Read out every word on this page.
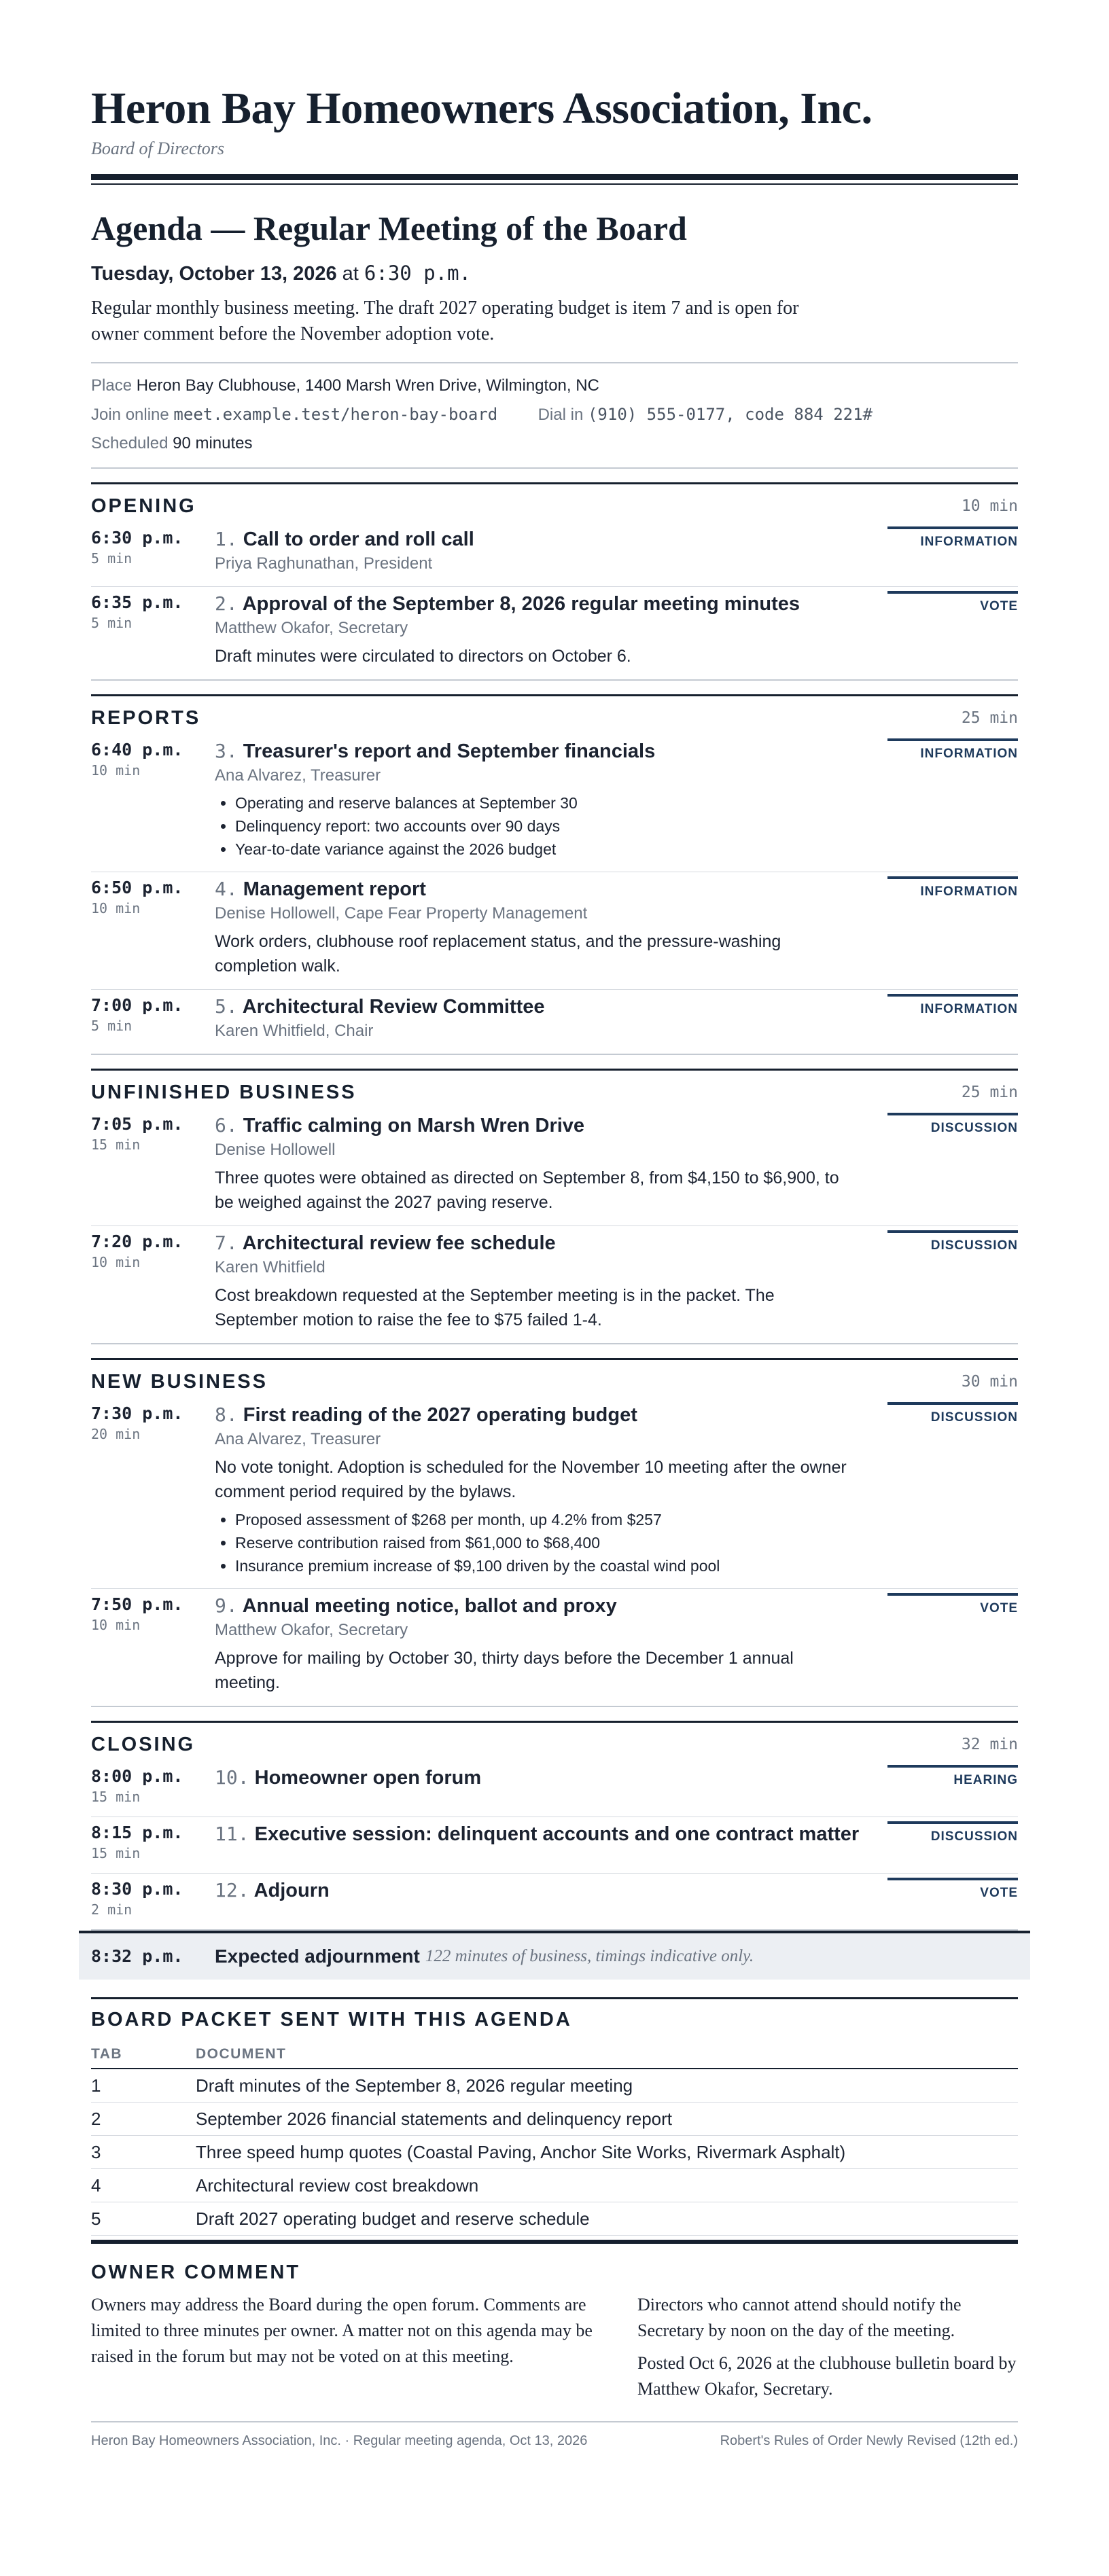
Heron Bay Homeowners Association, Inc.
Board of Directors
Agenda — Regular Meeting of the Board
Tuesday, October 13, 2026 at 6:30 p.m.
Regular monthly business meeting. The draft 2027 operating budget is item 7 and is open for owner comment before the November adoption vote.
Place Heron Bay Clubhouse, 1400 Marsh Wren Drive, Wilmington, NC
Join online meet.example.test/heron-bay-board Dial in (910) 555-0177, code 884 221#
Scheduled 90 minutes
OPENING	10 min
6:30 p.m.
5 min
1. Call to order and roll call
Priya Raghunathan, President
INFORMATION
6:35 p.m.
5 min
2. Approval of the September 8, 2026 regular meeting minutes
Matthew Okafor, Secretary
Draft minutes were circulated to directors on October 6.
VOTE
REPORTS	25 min
6:40 p.m.
10 min
3. Treasurer's report and September financials
Ana Alvarez, Treasurer
• Operating and reserve balances at September 30
• Delinquency report: two accounts over 90 days
• Year-to-date variance against the 2026 budget
INFORMATION
6:50 p.m.
10 min
4. Management report
Denise Hollowell, Cape Fear Property Management
Work orders, clubhouse roof replacement status, and the pressure-washing completion walk.
INFORMATION
7:00 p.m.
5 min
5. Architectural Review Committee
Karen Whitfield, Chair
INFORMATION
UNFINISHED BUSINESS	25 min
7:05 p.m.
15 min
6. Traffic calming on Marsh Wren Drive
Denise Hollowell
Three quotes were obtained as directed on September 8, from $4,150 to $6,900, to be weighed against the 2027 paving reserve.
DISCUSSION
7:20 p.m.
10 min
7. Architectural review fee schedule
Karen Whitfield
Cost breakdown requested at the September meeting is in the packet. The September motion to raise the fee to $75 failed 1-4.
DISCUSSION
NEW BUSINESS	30 min
7:30 p.m.
20 min
8. First reading of the 2027 operating budget
Ana Alvarez, Treasurer
No vote tonight. Adoption is scheduled for the November 10 meeting after the owner comment period required by the bylaws.
• Proposed assessment of $268 per month, up 4.2% from $257
• Reserve contribution raised from $61,000 to $68,400
• Insurance premium increase of $9,100 driven by the coastal wind pool
DISCUSSION
7:50 p.m.
10 min
9. Annual meeting notice, ballot and proxy
Matthew Okafor, Secretary
Approve for mailing by October 30, thirty days before the December 1 annual meeting.
VOTE
CLOSING	32 min
8:00 p.m.
15 min
10. Homeowner open forum	HEARING
8:15 p.m.
15 min
11. Executive session: delinquent accounts and one contract matter	DISCUSSION
8:30 p.m.
2 min
12. Adjourn	VOTE
8:32 p.m.	Expected adjournment 122 minutes of business, timings indicative only.
BOARD PACKET SENT WITH THIS AGENDA
TAB	DOCUMENT
1	Draft minutes of the September 8, 2026 regular meeting
2	September 2026 financial statements and delinquency report
3	Three speed hump quotes (Coastal Paving, Anchor Site Works, Rivermark Asphalt)
4	Architectural review cost breakdown
5	Draft 2027 operating budget and reserve schedule
OWNER COMMENT
Owners may address the Board during the open forum. Comments are limited to three minutes per owner. A matter not on this agenda may be raised in the forum but may not be voted on at this meeting.

Directors who cannot attend should notify the Secretary by noon on the day of the meeting.

Posted Oct 6, 2026 at the clubhouse bulletin board by Matthew Okafor, Secretary.

Heron Bay Homeowners Association, Inc. · Regular meeting agenda, Oct 13, 2026	Robert's Rules of Order Newly Revised (12th ed.)
